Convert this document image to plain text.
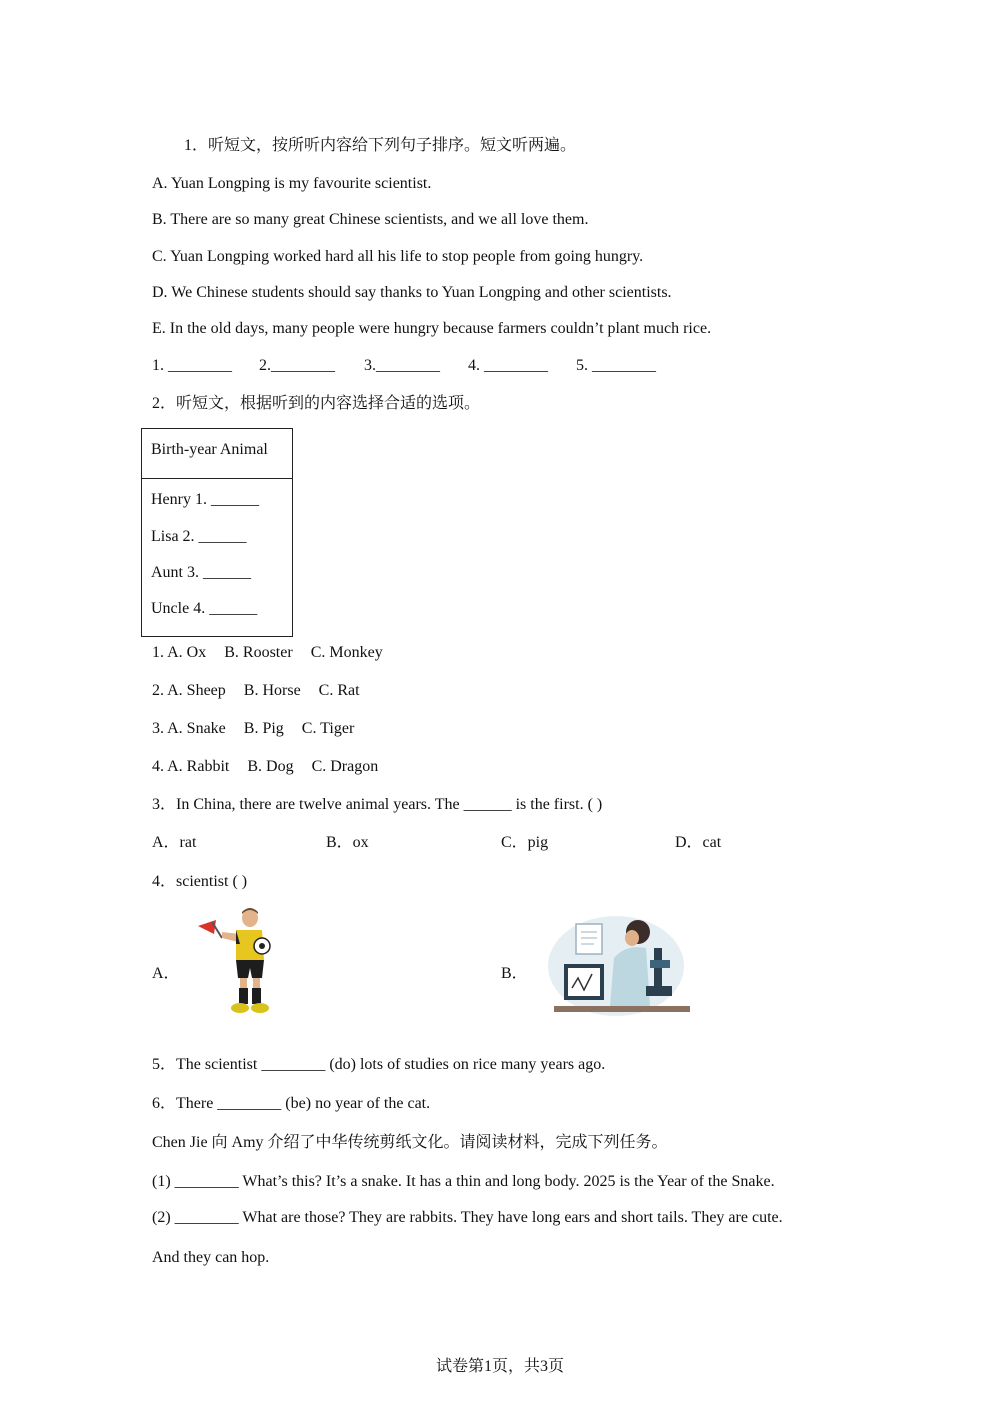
1．听短文，按所听内容给下列句子排序。短文听两遍。
A. Yuan Longping is my favourite scientist.
B. There are so many great Chinese scientists, and we all love them.
C. Yuan Longping worked hard all his life to stop people from going hungry.
D. We Chinese students should say thanks to Yuan Longping and other scientists.
E. In the old days, many people were hungry because farmers couldn’t plant much rice.
1. ________ 2.________ 3.________ 4. ________ 5. ________
2．听短文，根据听到的内容选择合适的选项。
Birth-year Animal
Henry 1. ______
Lisa 2. ______
Aunt 3. ______
Uncle 4. ______
1. A. Ox B. Rooster C. Monkey
2. A. Sheep B. Horse C. Rat
3. A. Snake B. Pig C. Tiger
4. A. Rabbit B. Dog C. Dragon
3．In China, there are twelve animal years. The ______ is the first. ( )
A．rat	B．ox	C．pig	D．cat
4．scientist ( )
A．	B．
5．The scientist ________ (do) lots of studies on rice many years ago.
6．There ________ (be) no year of the cat.
Chen Jie 向 Amy 介绍了中华传统剪纸文化。请阅读材料，完成下列任务。
(1) ________ What’s this? It’s a snake. It has a thin and long body. 2025 is the Year of the Snake.
(2) ________ What are those? They are rabbits. They have long ears and short tails. They are cute.
And they can hop.
试卷第1页，共3页
